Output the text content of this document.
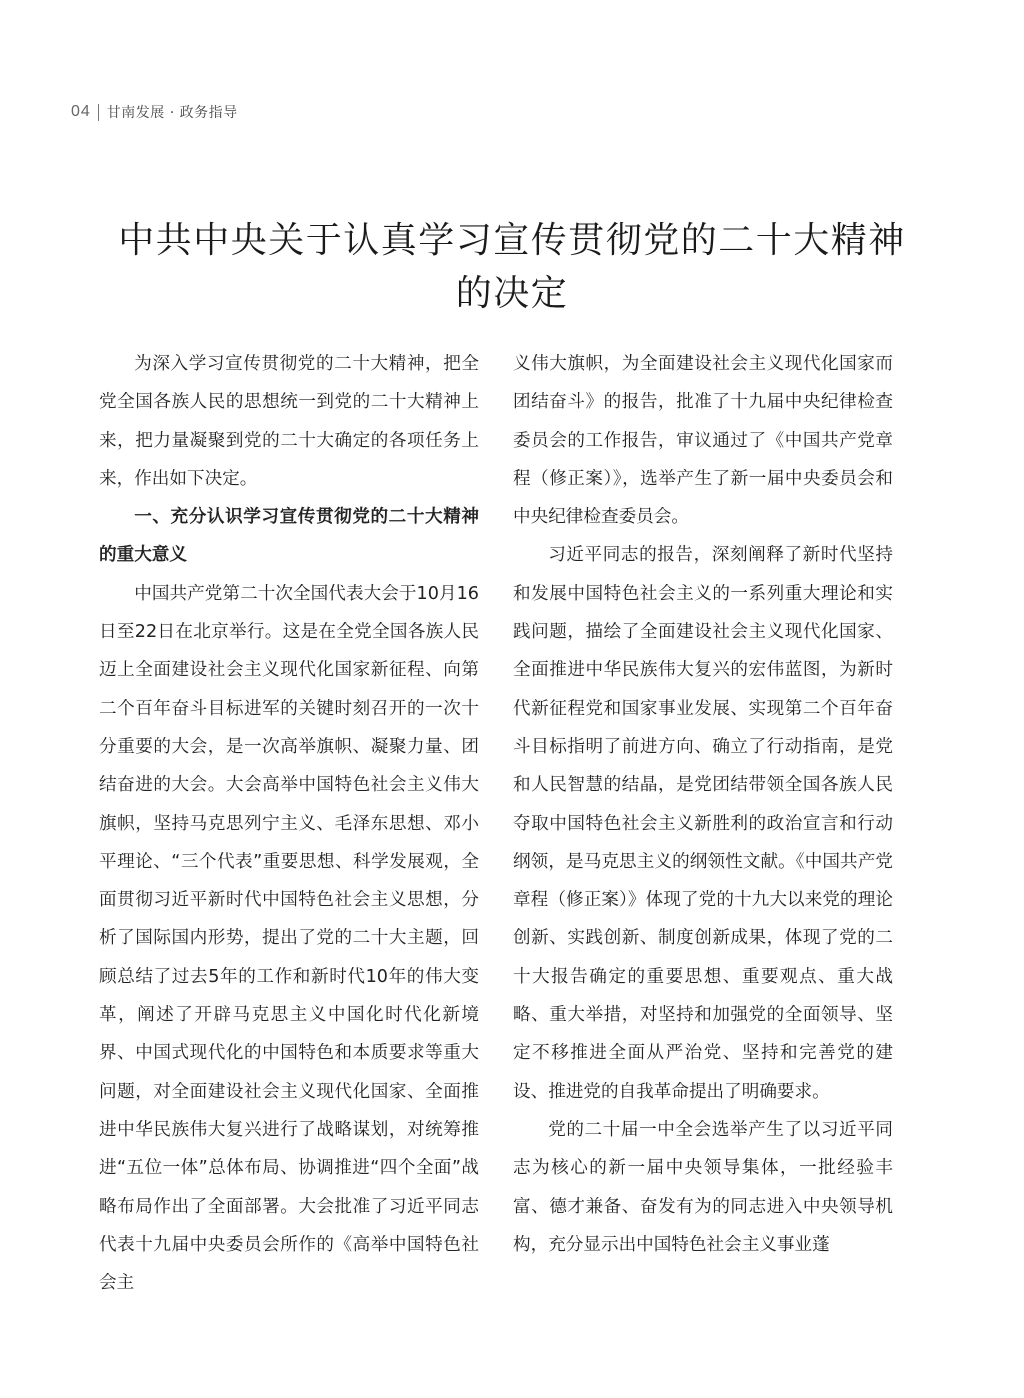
04 甘南发展 · 政务指导
中共中央关于认真学习宣传贯彻党的二十大精神
的决定

为深入学习宣传贯彻党的二十大精神，把全党全国各族人民的思想统一到党的二十大精神上来，把力量凝聚到党的二十大确定的各项任务上来，作出如下决定。

一、充分认识学习宣传贯彻党的二十大精神的重大意义

中国共产党第二十次全国代表大会于10月16日至22日在北京举行。这是在全党全国各族人民迈上全面建设社会主义现代化国家新征程、向第二个百年奋斗目标进军的关键时刻召开的一次十分重要的大会，是一次高举旗帜、凝聚力量、团结奋进的大会。大会高举中国特色社会主义伟大旗帜，坚持马克思列宁主义、毛泽东思想、邓小平理论、“三个代表”重要思想、科学发展观，全面贯彻习近平新时代中国特色社会主义思想，分析了国际国内形势，提出了党的二十大主题，回顾总结了过去5年的工作和新时代10年的伟大变革，阐述了开辟马克思主义中国化时代化新境界、中国式现代化的中国特色和本质要求等重大问题，对全面建设社会主义现代化国家、全面推进中华民族伟大复兴进行了战略谋划，对统筹推进“五位一体”总体布局、协调推进“四个全面”战略布局作出了全面部署。大会批准了习近平同志代表十九届中央委员会所作的《高举中国特色社会主

义伟大旗帜，为全面建设社会主义现代化国家而团结奋斗》的报告，批准了十九届中央纪律检查委员会的工作报告，审议通过了《中国共产党章程（修正案）》，选举产生了新一届中央委员会和中央纪律检查委员会。

习近平同志的报告，深刻阐释了新时代坚持和发展中国特色社会主义的一系列重大理论和实践问题，描绘了全面建设社会主义现代化国家、全面推进中华民族伟大复兴的宏伟蓝图，为新时代新征程党和国家事业发展、实现第二个百年奋斗目标指明了前进方向、确立了行动指南，是党和人民智慧的结晶，是党团结带领全国各族人民夺取中国特色社会主义新胜利的政治宣言和行动纲领，是马克思主义的纲领性文献。《中国共产党章程（修正案）》体现了党的十九大以来党的理论创新、实践创新、制度创新成果，体现了党的二十大报告确定的重要思想、重要观点、重大战略、重大举措，对坚持和加强党的全面领导、坚定不移推进全面从严治党、坚持和完善党的建设、推进党的自我革命提出了明确要求。

党的二十届一中全会选举产生了以习近平同志为核心的新一届中央领导集体，一批经验丰富、德才兼备、奋发有为的同志进入中央领导机构，充分显示出中国特色社会主义事业蓬
